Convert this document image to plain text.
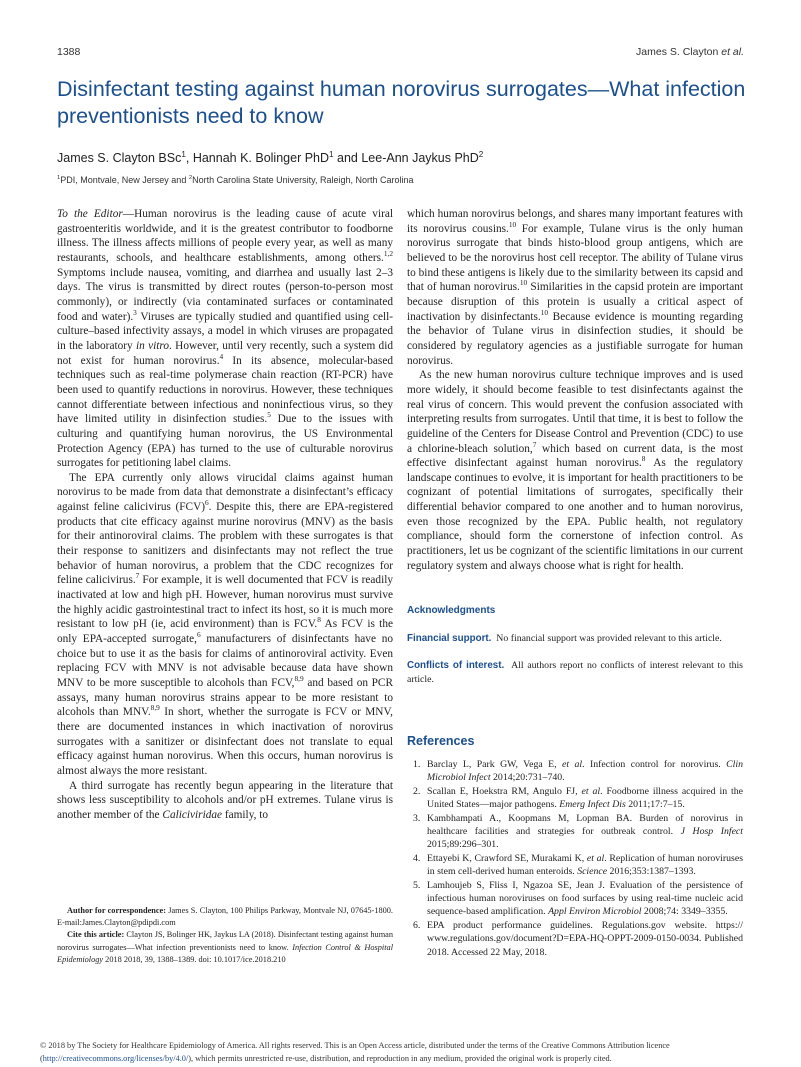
1388	James S. Clayton et al.
Disinfectant testing against human norovirus surrogates—What infection preventionists need to know
James S. Clayton BSc$^1$, Hannah K. Bolinger PhD$^1$ and Lee-Ann Jaykus PhD$^2$
$^1$PDI, Montvale, New Jersey and $^2$North Carolina State University, Raleigh, North Carolina

To the Editor—Human norovirus is the leading cause of acute viral gastroenteritis worldwide, and it is the greatest contributor to foodborne illness. The illness affects millions of people every year, as well as many restaurants, schools, and healthcare establishments, among others.$^{1,2}$ Symptoms include nausea, vomiting, and diarrhea and usually last 2–3 days. The virus is transmitted by direct routes (person-to-person most commonly), or indirectly (via contaminated surfaces or contaminated food and water).$^3$ Viruses are typically studied and quantified using cell-culture–based infectivity assays, a model in which viruses are propagated in the laboratory in vitro. However, until very recently, such a system did not exist for human norovirus.$^4$ In its absence, molecular-based techniques such as real-time polymerase chain reaction (RT-PCR) have been used to quantify reductions in norovirus. However, these techniques cannot differentiate between infectious and noninfectious virus, so they have limited utility in disinfection studies.$^5$ Due to the issues with culturing and quantifying human norovirus, the US Environmental Protection Agency (EPA) has turned to the use of culturable norovirus surrogates for petitioning label claims.

The EPA currently only allows virucidal claims against human norovirus to be made from data that demonstrate a disinfectant’s efficacy against feline calicivirus (FCV)$^6$. Despite this, there are EPA-registered products that cite efficacy against murine norovirus (MNV) as the basis for their antinoroviral claims. The problem with these surrogates is that their response to sanitizers and disinfectants may not reflect the true behavior of human norovirus, a problem that the CDC recognizes for feline calicivirus.$^7$ For example, it is well documented that FCV is readily inactivated at low and high pH. However, human norovirus must survive the highly acidic gastrointestinal tract to infect its host, so it is much more resistant to low pH (ie, acid environment) than is FCV.$^8$ As FCV is the only EPA-accepted surrogate,$^6$ manufacturers of disinfectants have no choice but to use it as the basis for claims of antinoroviral activity. Even replacing FCV with MNV is not advisable because data have shown MNV to be more susceptible to alcohols than FCV,$^{8,9}$ and based on PCR assays, many human norovirus strains appear to be more resistant to alcohols than MNV.$^{8,9}$ In short, whether the surrogate is FCV or MNV, there are documented instances in which inactivation of norovirus surrogates with a sanitizer or disinfectant does not translate to equal efficacy against human norovirus. When this occurs, human norovirus is almost always the more resistant.

A third surrogate has recently begun appearing in the literature that shows less susceptibility to alcohols and/or pH extremes. Tulane virus is another member of the Caliciviridae family, to

which human norovirus belongs, and shares many important features with its norovirus cousins.$^{10}$ For example, Tulane virus is the only human norovirus surrogate that binds histo-blood group antigens, which are believed to be the norovirus host cell receptor. The ability of Tulane virus to bind these antigens is likely due to the similarity between its capsid and that of human norovirus.$^{10}$ Similarities in the capsid protein are important because disruption of this protein is usually a critical aspect of inactivation by disinfectants.$^{10}$ Because evidence is mounting regarding the behavior of Tulane virus in disinfection studies, it should be considered by regulatory agencies as a justifiable surrogate for human norovirus.

As the new human norovirus culture technique improves and is used more widely, it should become feasible to test disinfectants against the real virus of concern. This would prevent the confusion associated with interpreting results from surrogates. Until that time, it is best to follow the guideline of the Centers for Disease Control and Prevention (CDC) to use a chlorine-bleach solution,$^7$ which based on current data, is the most effective disinfectant against human norovirus.$^8$ As the regulatory landscape continues to evolve, it is important for health practitioners to be cognizant of potential limitations of surrogates, specifically their differential behavior compared to one another and to human norovirus, even those recognized by the EPA. Public health, not regulatory compliance, should form the cornerstone of infection control. As practitioners, let us be cognizant of the scientific limitations in our current regulatory system and always choose what is right for health.

Acknowledgments
Financial support. No financial support was provided relevant to this article.
Conflicts of interest. All authors report no conflicts of interest relevant to this article.
References
1. Barclay L, Park GW, Vega E, et al. Infection control for norovirus. Clin Microbiol Infect 2014;20:731–740.
2. Scallan E, Hoekstra RM, Angulo FJ, et al. Foodborne illness acquired in the United States—major pathogens. Emerg Infect Dis 2011;17:7–15.
3. Kambhampati A., Koopmans M, Lopman BA. Burden of norovirus in healthcare facilities and strategies for outbreak control. J Hosp Infect 2015;89:296–301.
4. Ettayebi K, Crawford SE, Murakami K, et al. Replication of human noroviruses in stem cell-derived human enteroids. Science 2016;353:1387–1393.
5. Lamhoujeb S, Fliss I, Ngazoa SE, Jean J. Evaluation of the persistence of infectious human noroviruses on food surfaces by using real-time nucleic acid sequence-based amplification. Appl Environ Microbiol 2008;74: 3349–3355.
6. EPA product performance guidelines. Regulations.gov website. https:// www.regulations.gov/document?D=EPA-HQ-OPPT-2009-0150-0034. Published 2018. Accessed 22 May, 2018.

Author for correspondence: James S. Clayton, 100 Philips Parkway, Montvale NJ, 07645-1800. E-mail:James.Clayton@pdipdi.com

Cite this article: Clayton JS, Bolinger HK, Jaykus LA (2018). Disinfectant testing against human norovirus surrogates—What infection preventionists need to know. Infection Control & Hospital Epidemiology 2018 2018, 39, 1388–1389. doi: 10.1017/ice.2018.210

© 2018 by The Society for Healthcare Epidemiology of America. All rights reserved. This is an Open Access article, distributed under the terms of the Creative Commons Attribution licence (http://creativecommons.org/licenses/by/4.0/), which permits unrestricted re-use, distribution, and reproduction in any medium, provided the original work is properly cited.
